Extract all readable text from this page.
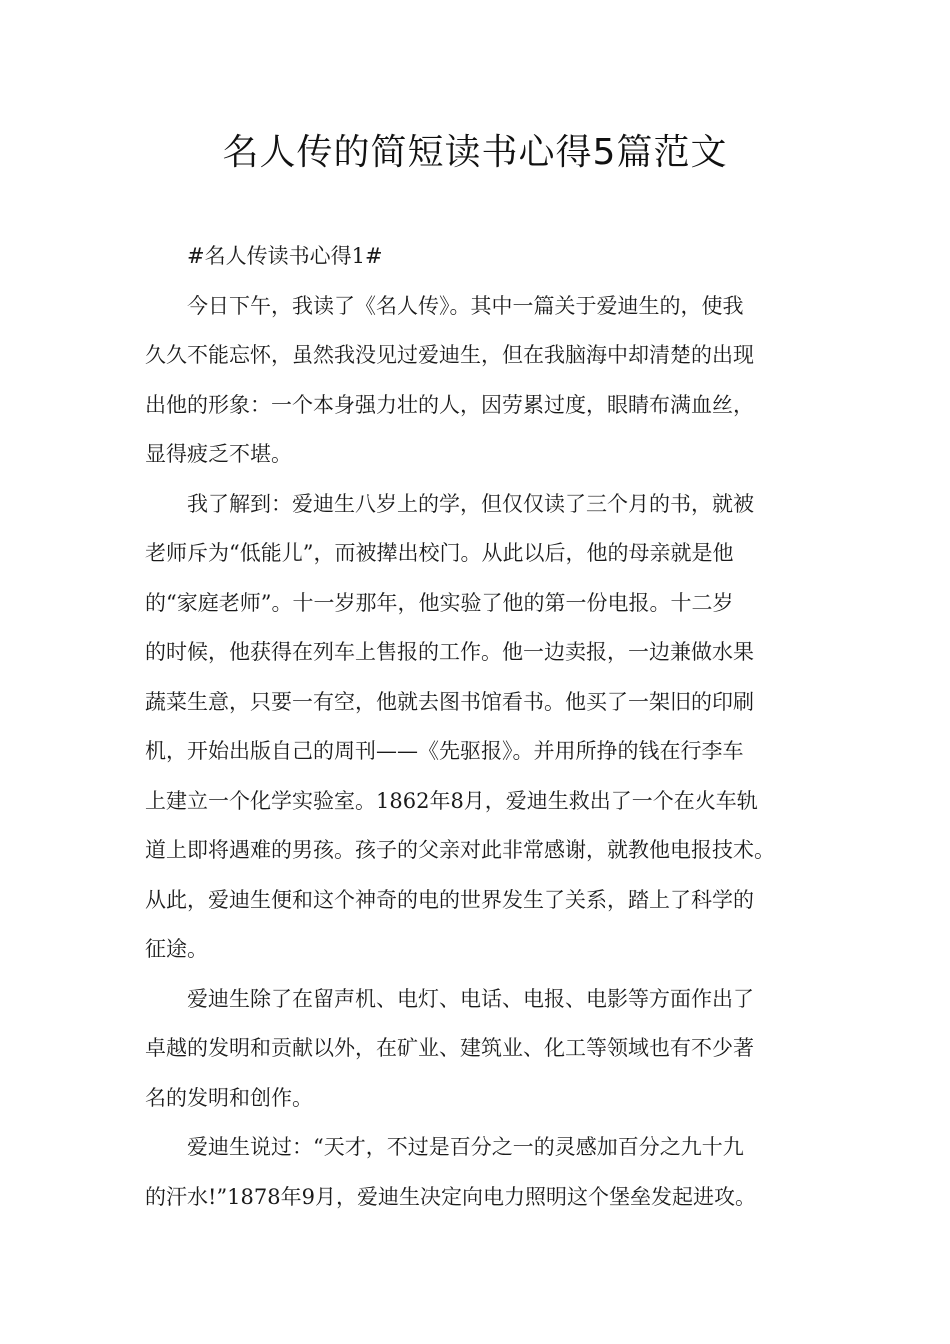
名人传的简短读书心得5篇范文
#名人传读书心得1#
今日下午，我读了《名人传》。其中一篇关于爱迪生的，使我
久久不能忘怀，虽然我没见过爱迪生，但在我脑海中却清楚的出现
出他的形象：一个本身强力壮的人，因劳累过度，眼睛布满血丝，
显得疲乏不堪。
我了解到：爱迪生八岁上的学，但仅仅读了三个月的书，就被
老师斥为“低能儿”，而被撵出校门。从此以后，他的母亲就是他
的“家庭老师”。十一岁那年，他实验了他的第一份电报。十二岁
的时候，他获得在列车上售报的工作。他一边卖报，一边兼做水果
蔬菜生意，只要一有空，他就去图书馆看书。他买了一架旧的印刷
机，开始出版自己的周刊——《先驱报》。并用所挣的钱在行李车
上建立一个化学实验室。1862年8月，爱迪生救出了一个在火车轨
道上即将遇难的男孩。孩子的父亲对此非常感谢，就教他电报技术。
从此，爱迪生便和这个神奇的电的世界发生了关系，踏上了科学的
征途。
爱迪生除了在留声机、电灯、电话、电报、电影等方面作出了
卓越的发明和贡献以外，在矿业、建筑业、化工等领域也有不少著
名的发明和创作。
爱迪生说过：“天才，不过是百分之一的灵感加百分之九十九
的汗水!”1878年9月，爱迪生决定向电力照明这个堡垒发起进攻。
